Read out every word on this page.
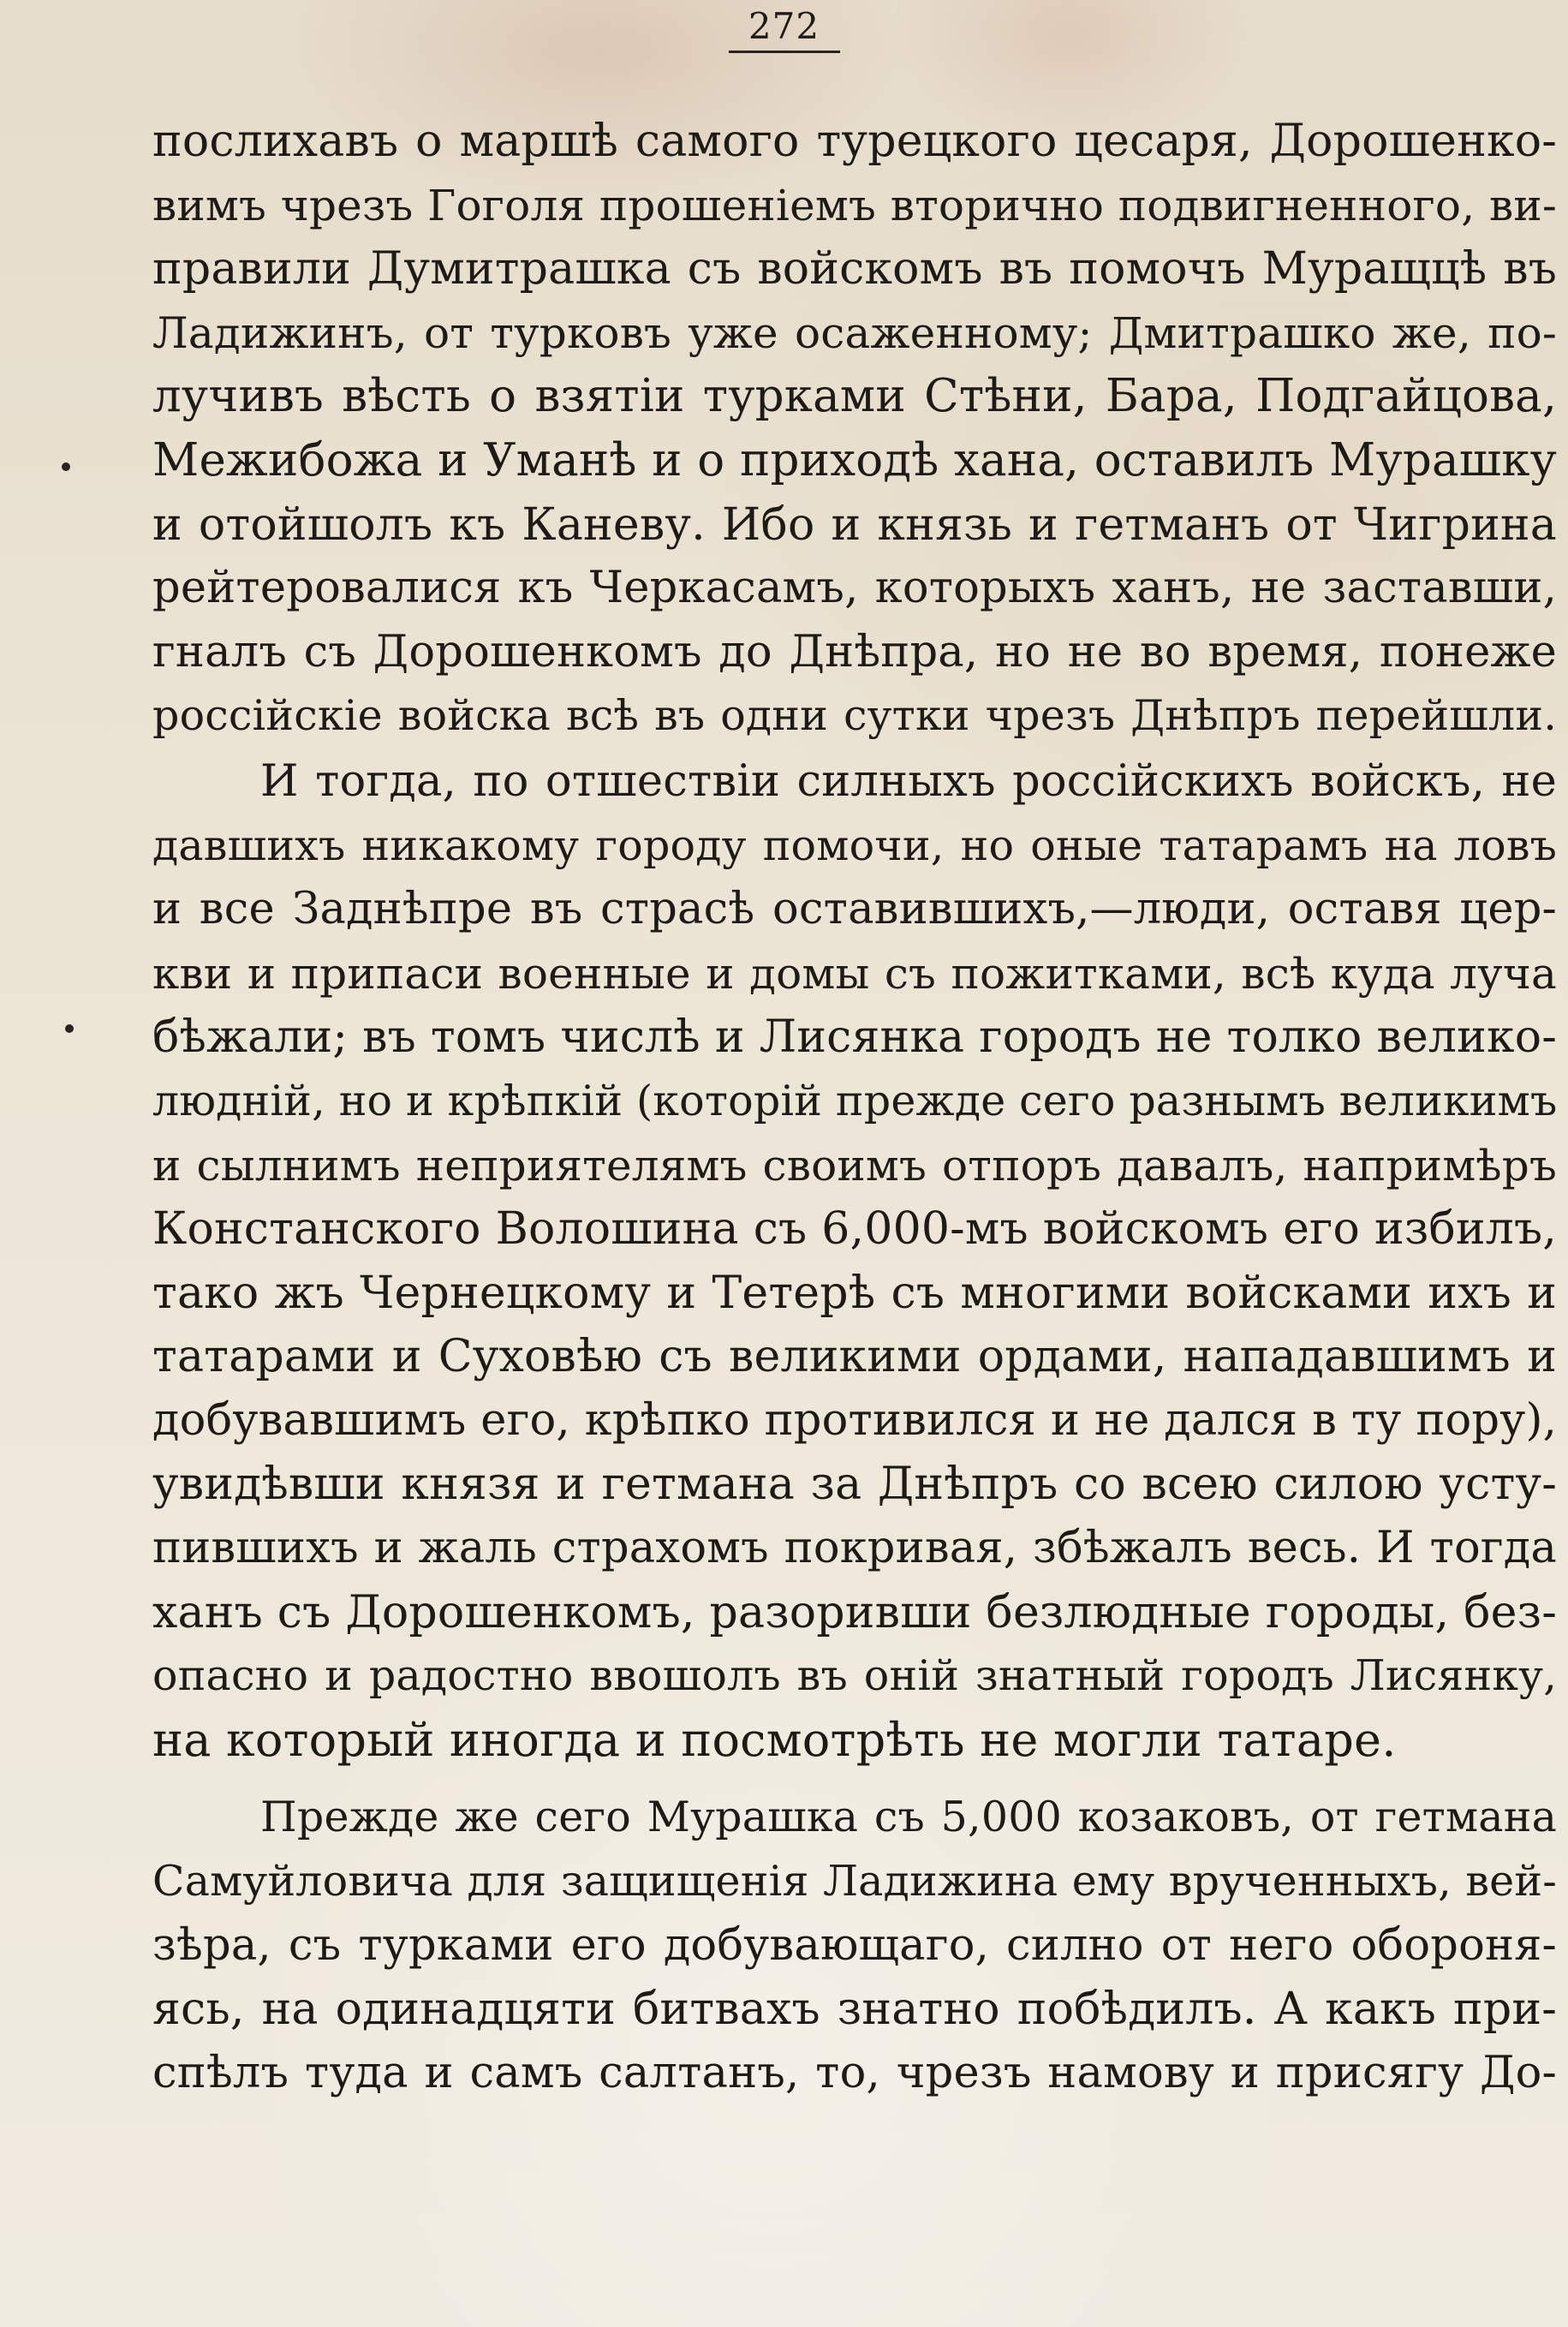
272
послихавъ о маршѣ самого турецкого цесаря, Дорошенко-
вимъ чрезъ Гоголя прошеніемъ вторично подвигненного, ви-
правили Думитрашка съ войскомъ въ помочъ Муращцѣ въ
Ладижинъ, от турковъ уже осаженному; Дмитрашко же, по-
лучивъ вѣсть о взятіи турками Стѣни, Бара, Подгайцова,
Межибожа и Уманѣ и о приходѣ хана, оставилъ Мурашку
и отойшолъ къ Каневу. Ибо и князь и гетманъ от Чигрина
рейтеровалися къ Черкасамъ, которыхъ ханъ, не заставши,
гналъ съ Дорошенкомъ до Днѣпра, но не во время, понеже
россійскіе войска всѣ въ одни сутки чрезъ Днѣпръ перейшли.
И тогда, по отшествіи силныхъ россійскихъ войскъ, не
давшихъ никакому городу помочи, но оные татарамъ на ловъ
и все Заднѣпре въ страсѣ оставившихъ,—люди, оставя цер-
кви и припаси военные и домы съ пожитками, всѣ куда луча
бѣжали; въ томъ числѣ и Лисянка городъ не толко велико-
людній, но и крѣпкій (которій прежде сего разнымъ великимъ
и сылнимъ неприятелямъ своимъ отпоръ давалъ, напримѣръ
Констанского Волошина съ 6,000-мъ войскомъ его избилъ,
тако жъ Чернецкому и Тетерѣ съ многими войсками ихъ и
татарами и Суховѣю съ великими ордами, нападавшимъ и
добувавшимъ его, крѣпко противился и не дался в ту пору),
увидѣвши князя и гетмана за Днѣпръ со всею силою усту-
пившихъ и жаль страхомъ покривая, збѣжалъ весь. И тогда
ханъ съ Дорошенкомъ, разоривши безлюдные городы, без-
опасно и радостно ввошолъ въ оній знатный городъ Лисянку,
на который иногда и посмотрѣть не могли татаре.
Прежде же сего Мурашка съ 5,000 козаковъ, от гетмана
Самуйловича для защищенія Ладижина ему врученныхъ, вей-
зѣра, съ турками его добувающаго, силно от него обороня-
ясь, на одинадцяти битвахъ знатно побѣдилъ. А какъ при-
спѣлъ туда и самъ салтанъ, то, чрезъ намову и присягу До-
